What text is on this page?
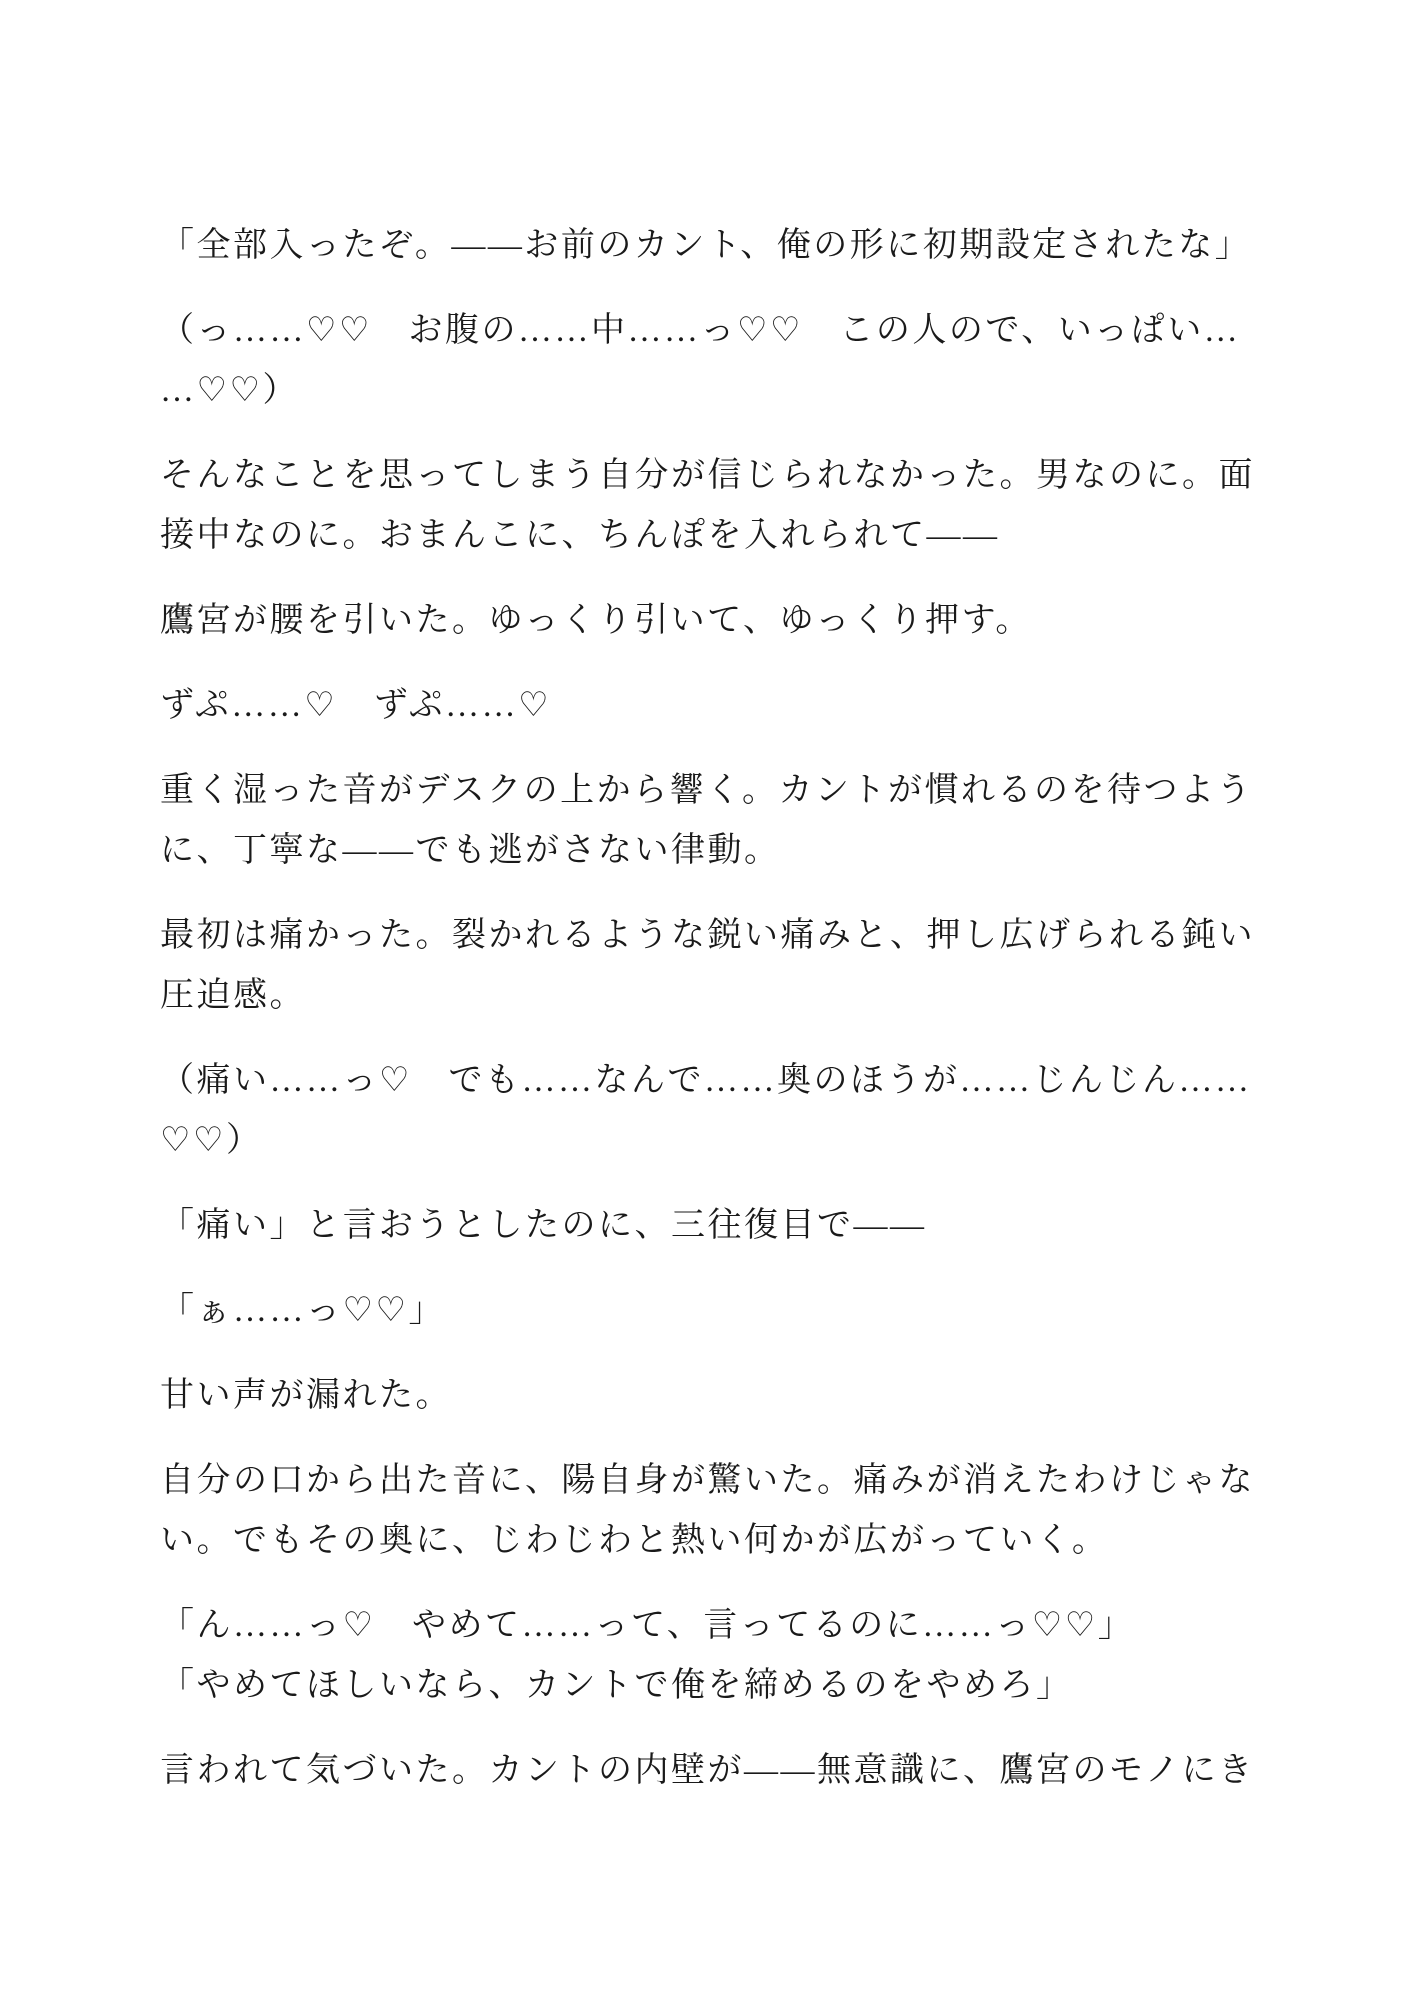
「全部入ったぞ。——お前のカント、俺の形に初期設定されたな」

（っ……♡♡　お腹の……中……っ♡♡　この人ので、いっぱい…
…♡♡）

そんなことを思ってしまう自分が信じられなかった。男なのに。面
接中なのに。おまんこに、ちんぽを入れられて——

鷹宮が腰を引いた。ゆっくり引いて、ゆっくり押す。

ずぷ……♡　ずぷ……♡

重く湿った音がデスクの上から響く。カントが慣れるのを待つよう
に、丁寧な——でも逃がさない律動。

最初は痛かった。裂かれるような鋭い痛みと、押し広げられる鈍い
圧迫感。

（痛い……っ♡　でも……なんで……奥のほうが……じんじん……
♡♡）

「痛い」と言おうとしたのに、三往復目で——

「ぁ……っ♡♡」

甘い声が漏れた。

自分の口から出た音に、陽自身が驚いた。痛みが消えたわけじゃな
い。でもその奥に、じわじわと熱い何かが広がっていく。

「ん……っ♡　やめて……って、言ってるのに……っ♡♡」
「やめてほしいなら、カントで俺を締めるのをやめろ」

言われて気づいた。カントの内壁が——無意識に、鷹宮のモノにき
